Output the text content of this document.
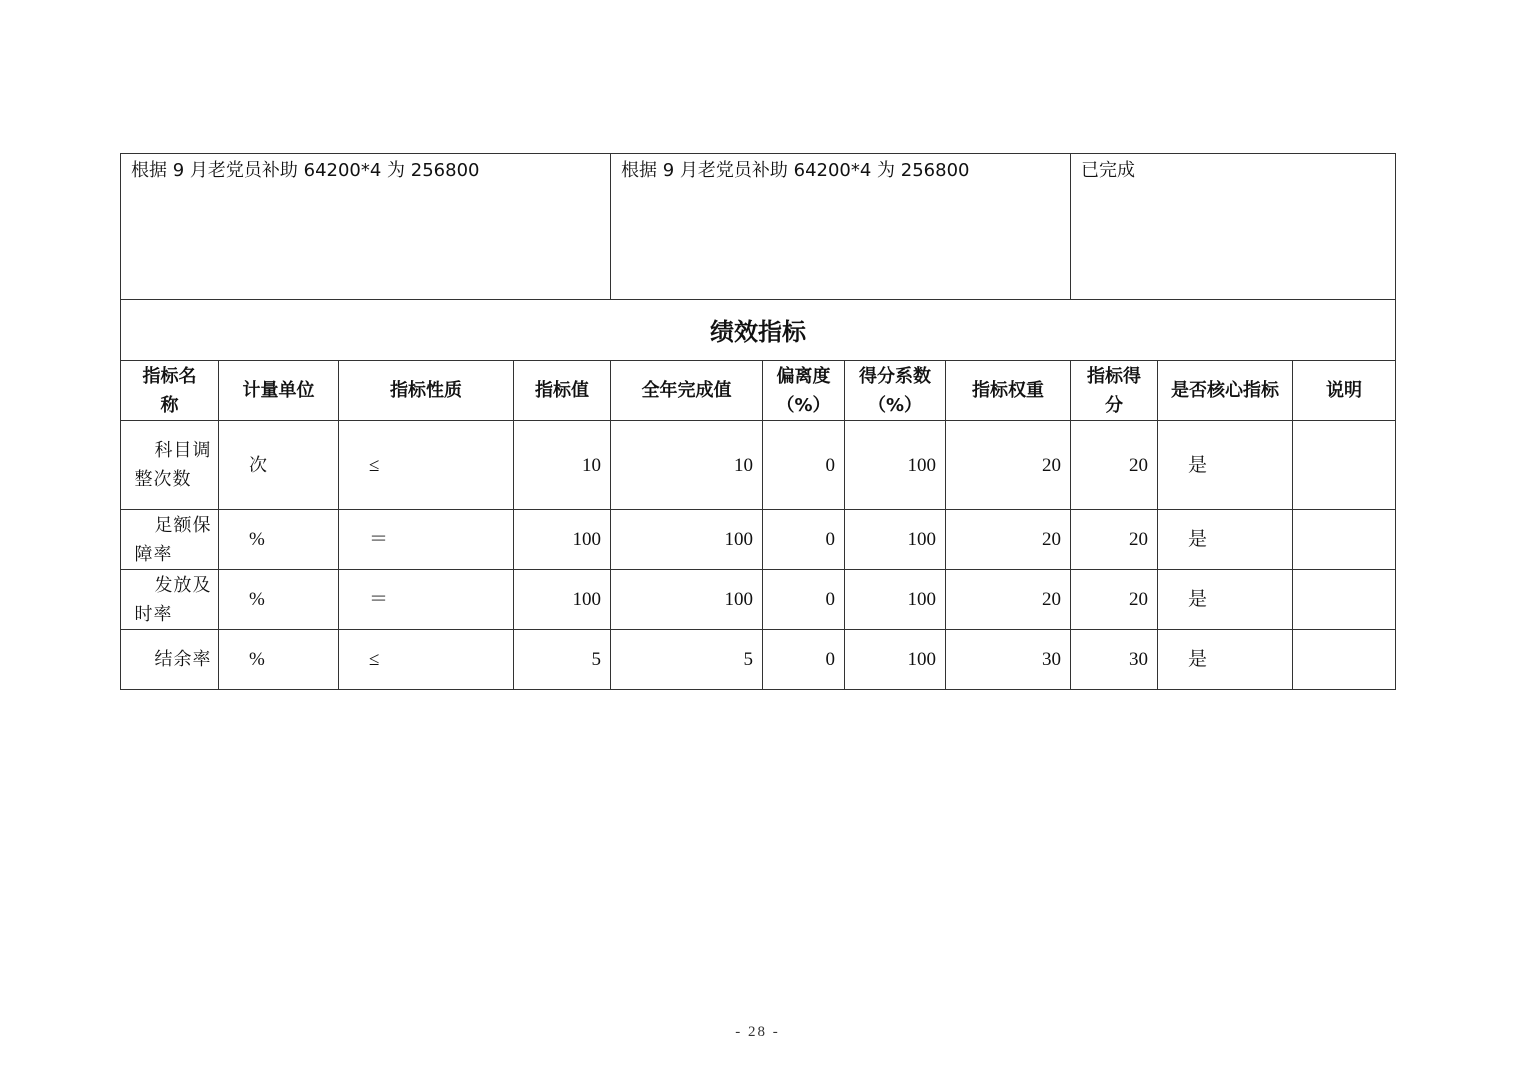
根据 9 月老党员补助 64200*4 为 256800	根据 9 月老党员补助 64200*4 为 256800	已完成
绩效指标										
指标名称	计量单位	指标性质	指标值	全年完成值	偏离度（%）	得分系数（%）	指标权重	指标得分	是否核心指标	说明
科目调整次数	次	≤	10	10	0	100	20	20	是	
足额保障率	%	＝	100	100	0	100	20	20	是	
发放及时率	%	＝	100	100	0	100	20	20	是	
结余率	%	≤	5	5	0	100	30	30	是	
- 28 -
